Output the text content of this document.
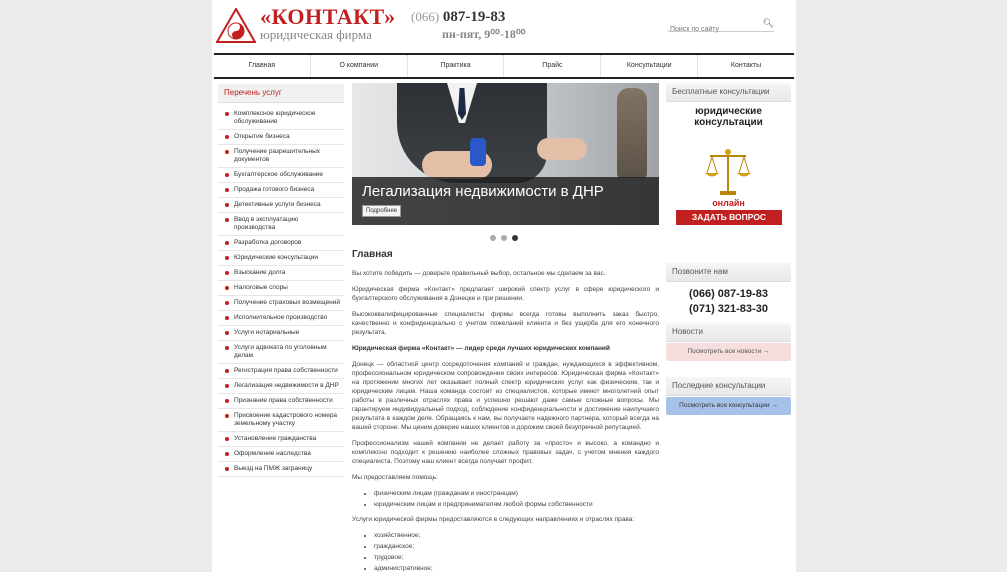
«КОНТАКТ»
юридическая фирма
(066) 087-19-83
пн-пят, 9⁰⁰-18⁰⁰
Поиск по сайту
🔍︎
Главная	О компании	Практика	Прайс	Консультации	Контакты
Перечень услуг
Комплексное юридическое обслуживание
Открытие бизнеса
Получение разрешительных документов
Бухгалтерское обслуживание
Продажа готового бизнеса
Детективные услуги бизнеса
Ввод в эксплуатацию производства
Разработка договоров
Юридические консультации
Взыскание долга
Налоговые споры
Получение страховых возмещений
Исполнительное производство
Услуги нотариальные
Услуги адвоката по уголовным делам
Регистрация права собственности
Легализация недвижимости в ДНР
Признание права собственности
Присвоение кадастрового номера земельному участку
Установление гражданства
Оформление наследства
Выезд на ПМЖ заграницу
Легализация недвижимости в ДНР
Подробнее
Главная

Вы хотите победить — доверьте правильный выбор, остальное мы сделаем за вас.

Юридическая фирма «Контакт» предлагает широкий спектр услуг в сфере юридического и бухгалтерского обслуживания в Донецке и при решении.

Высококвалифицированные специалисты фирмы всегда готовы выполнить заказ быстро, качественно и конфиденциально с учетом пожеланий клиента и без ущерба для его конечного результата.

Юридическая фирма «Контакт» — лидер среди лучших юридических компаний

Донецк — областной центр сосредоточения компаний и граждан, нуждающихся в эффективном, профессиональном юридическом сопровождении своих интересов. Юридическая фирма «Контакт» на протяжении многих лет оказывает полный спектр юридических услуг как физическим, так и юридическим лицам. Наша команда состоит из специалистов, которые имеют многолетний опыт работы в различных отраслях права и успешно решают даже самые сложные вопросы. Мы гарантируем индивидуальный подход, соблюдение конфиденциальности и достижение наилучшего результата в каждом деле. Обращаясь к нам, вы получаете надежного партнера, который всегда на вашей стороне. Мы ценим доверие наших клиентов и дорожим своей безупречной репутацией.

Профессионализм нашей компании не делает работу за «просто» и высоко, а командно и комплексно подходит к решению наиболее сложных правовых задач, с учетом мнения каждого специалиста. Поэтому наш клиент всегда получает профит.

Мы предоставляем помощь:

• физическим лицам (гражданам и иностранцам)
• юридическим лицам и предпринимателям любой формы собственности

Услуги юридической фирмы предоставляются в следующих направлениях и отраслях права:

• хозяйственное;
• гражданское;
• трудовое;
• административное;
Бесплатные консультации
юридические консультации
онлайн
ЗАДАТЬ ВОПРОС
Позвоните нам
(066) 087-19-83
(071) 321-83-30
Новости
Посмотреть все новости →
Последние консультации
Посмотреть все консультации →
